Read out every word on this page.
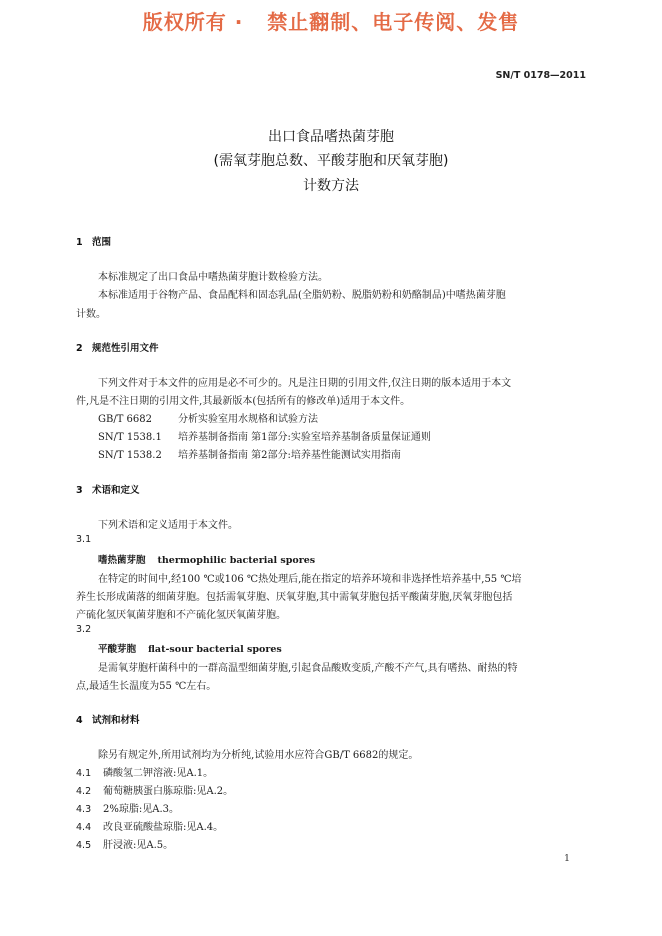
版权所有 ·   禁止翻制、电子传阅、发售
SN/T 0178—2011
出口食品嗜热菌芽胞
(需氧芽胞总数、平酸芽胞和厌氧芽胞)
计数方法
1 范围
本标准规定了出口食品中嗜热菌芽胞计数检验方法。
本标准适用于谷物产品、食品配料和固态乳品(全脂奶粉、脱脂奶粉和奶酪制品)中嗜热菌芽胞
计数。
2 规范性引用文件
下列文件对于本文件的应用是必不可少的。凡是注日期的引用文件,仅注日期的版本适用于本文
件,凡是不注日期的引用文件,其最新版本(包括所有的修改单)适用于本文件。
GB/T 6682	分析实验室用水规格和试验方法
SN/T 1538.1 培养基制备指南 第1部分:实验室培养基制备质量保证通则
SN/T 1538.2 培养基制备指南 第2部分:培养基性能测试实用指南
3 术语和定义
下列术语和定义适用于本文件。
3.1
嗜热菌芽胞 thermophilic bacterial spores
在特定的时间中,经100 ℃或106 ℃热处理后,能在指定的培养环境和非选择性培养基中,55 ℃培
养生长形成菌落的细菌芽胞。包括需氧芽胞、厌氧芽胞,其中需氧芽胞包括平酸菌芽胞,厌氧芽胞包括
产硫化氢厌氧菌芽胞和不产硫化氢厌氧菌芽胞。
3.2
平酸芽胞 flat-sour bacterial spores
是需氧芽胞杆菌科中的一群高温型细菌芽胞,引起食品酸败变质,产酸不产气,具有嗜热、耐热的特
点,最适生长温度为55 ℃左右。
4 试剂和材料
除另有规定外,所用试剂均为分析纯,试验用水应符合GB/T 6682的规定。
4.1 磷酸氢二钾溶液:见A.1。
4.2 葡萄糖胰蛋白胨琼脂:见A.2。
4.3 2%琼脂:见A.3。
4.4 改良亚硫酸盐琼脂:见A.4。
4.5 肝浸液:见A.5。
1
